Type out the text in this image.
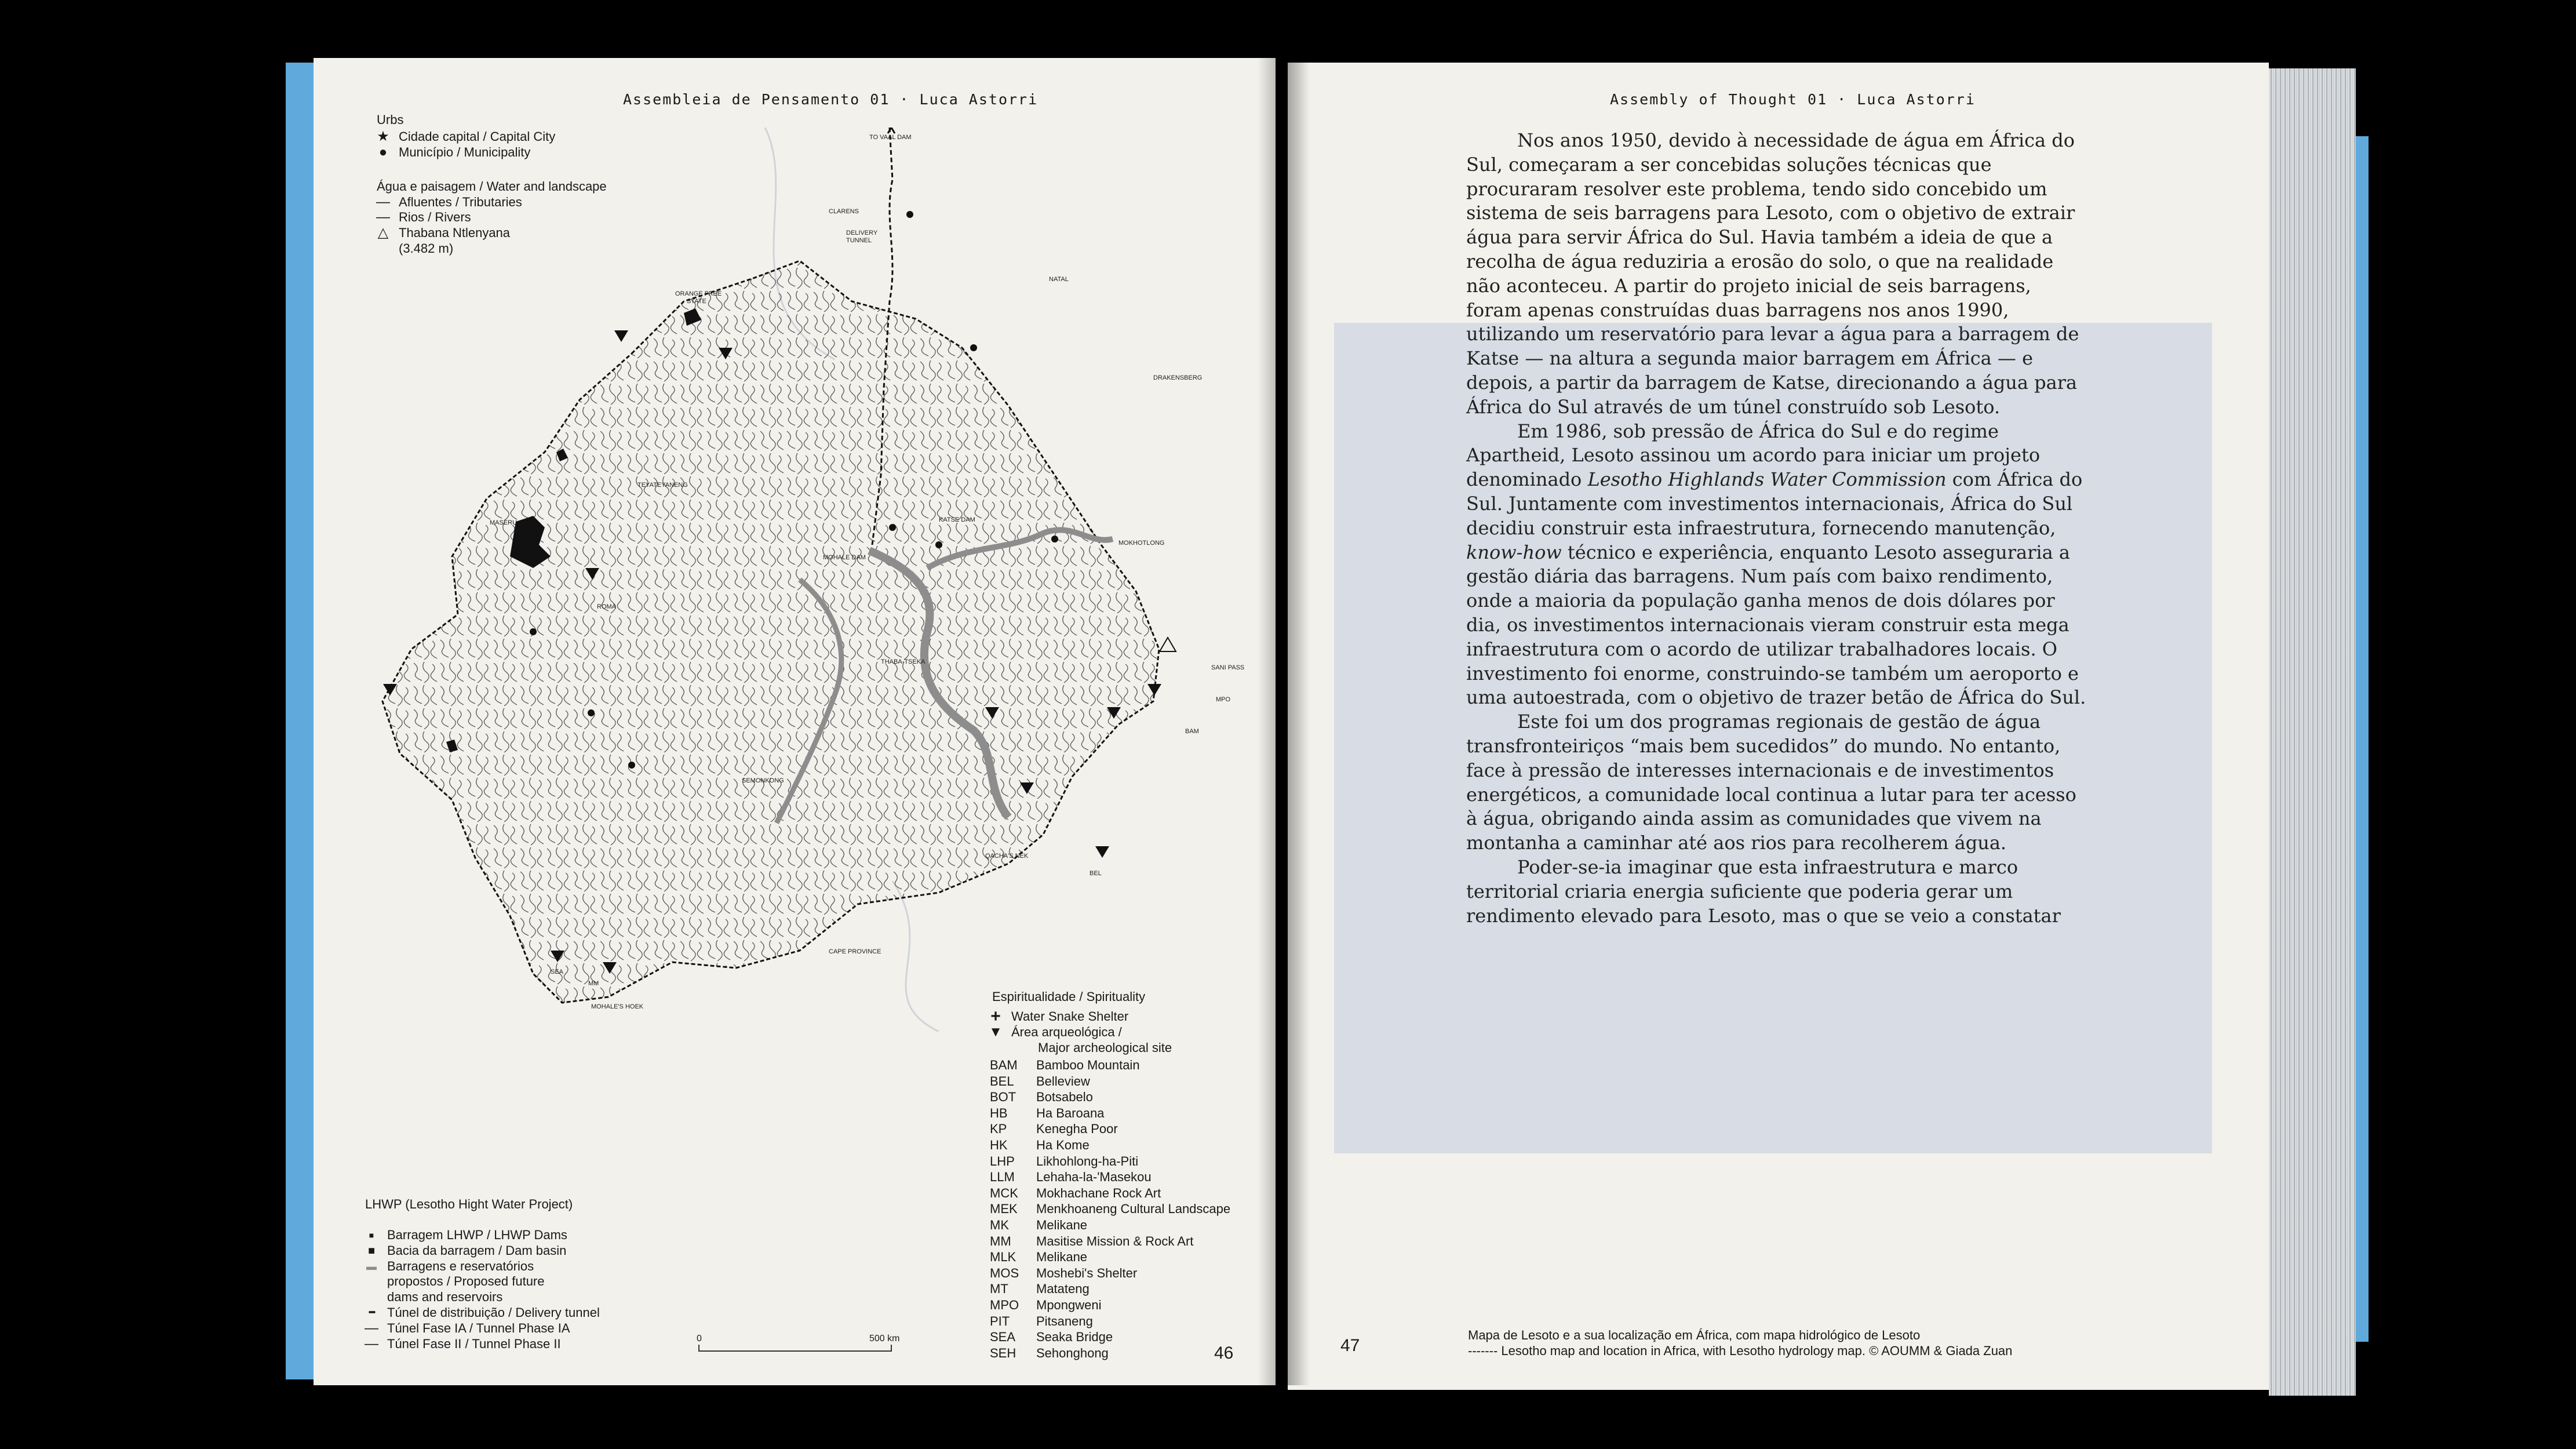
Assembleia de Pensamento 01 · Luca Astorri
Urbs
★ Cidade capital / Capital City
● Município / Municipality
Água e paisagem / Water and landscape
— Afluentes / Tributaries
— Rios / Rivers
△ Thabana Ntlenyana
(3.482 m)
TO VAAL DAM
CLARENS
DELIVERY
TUNNEL
ORANGE FREE
STATE
NATAL
DRAKENSBERG
MASERU
TEYATEYANENG
ROMA
MOKHOTLONG
THABA-TSEKA
SEMONKONG
SANI PASS
MPO
BAM
BEL
CAPE PROVINCE
SEA
MM
MOHALE'S HOEK
KATSE DAM
MOHALE DAM
QACHA'S NEK
Espiritualidade / Spirituality
+ Water Snake Shelter
▼ Área arqueológica /
Major archeological site
BAM	Bamboo Mountain
BEL	Belleview
BOT	Botsabelo
HB	Ha Baroana
KP	Kenegha Poor
HK	Ha Kome
LHP	Likhohlong-ha-Piti
LLM	Lehaha-la-'Masekou
MCK	Mokhachane Rock Art
MEK	Menkhoaneng Cultural Landscape
MK	Melikane
MM	Masitise Mission & Rock Art
MLK	Melikane
MOS	Moshebi's Shelter
MT	Matateng
MPO	Mpongweni
PIT	Pitsaneng
SEA	Seaka Bridge
SEH	Sehonghong
LHWP (Lesotho Hight Water Project)
■	Barragem LHWP / LHWP Dams
■ Bacia da barragem / Dam basin
▬ Barragens e reservatórios
propostos / Proposed future
dams and reservoirs
••• Túnel de distribuição / Delivery tunnel
— Túnel Fase IA / Tunnel Phase IA
— Túnel Fase II / Tunnel Phase II	0	500 km
46
Assembly of Thought 01 · Luca Astorri

Nos anos 1950, devido à necessidade de água em África do Sul, começaram a ser concebidas soluções técnicas que procuraram resolver este problema, tendo sido concebido um sistema de seis barragens para Lesoto, com o objetivo de extrair água para servir África do Sul. Havia também a ideia de que a recolha de água reduziria a erosão do solo, o que na realidade não aconteceu. A partir do projeto inicial de seis barragens, foram apenas construídas duas barragens nos anos 1990, utilizando um reservatório para levar a água para a barragem de Katse — na altura a segunda maior barragem em África — e depois, a partir da barragem de Katse, direcionando a água para África do Sul através de um túnel construído sob Lesoto.

Em 1986, sob pressão de África do Sul e do regime Apartheid, Lesoto assinou um acordo para iniciar um projeto denominado Lesotho Highlands Water Commission com África do Sul. Juntamente com investimentos internacionais, África do Sul decidiu construir esta infraestrutura, fornecendo manutenção, know-how técnico e experiência, enquanto Lesoto asseguraria a gestão diária das barragens. Num país com baixo rendimento, onde a maioria da população ganha menos de dois dólares por dia, os investimentos internacionais vieram construir esta mega infraestrutura com o acordo de utilizar trabalhadores locais. O investimento foi enorme, construindo-se também um aeroporto e uma autoestrada, com o objetivo de trazer betão de África do Sul.

Este foi um dos programas regionais de gestão de água transfronteiriços “mais bem sucedidos” do mundo. No entanto, face à pressão de interesses internacionais e de investimentos energéticos, a comunidade local continua a lutar para ter acesso à água, obrigando ainda assim as comunidades que vivem na montanha a caminhar até aos rios para recolherem água.

Poder-se-ia imaginar que esta infraestrutura e marco territorial criaria energia suficiente que poderia gerar um rendimento elevado para Lesoto, mas o que se veio a constatar

Mapa de Lesoto e a sua localização em África, com mapa hidrológico de Lesoto
------- Lesotho map and location in Africa, with Lesotho hydrology map. © AOUMM & Giada Zuan
47
